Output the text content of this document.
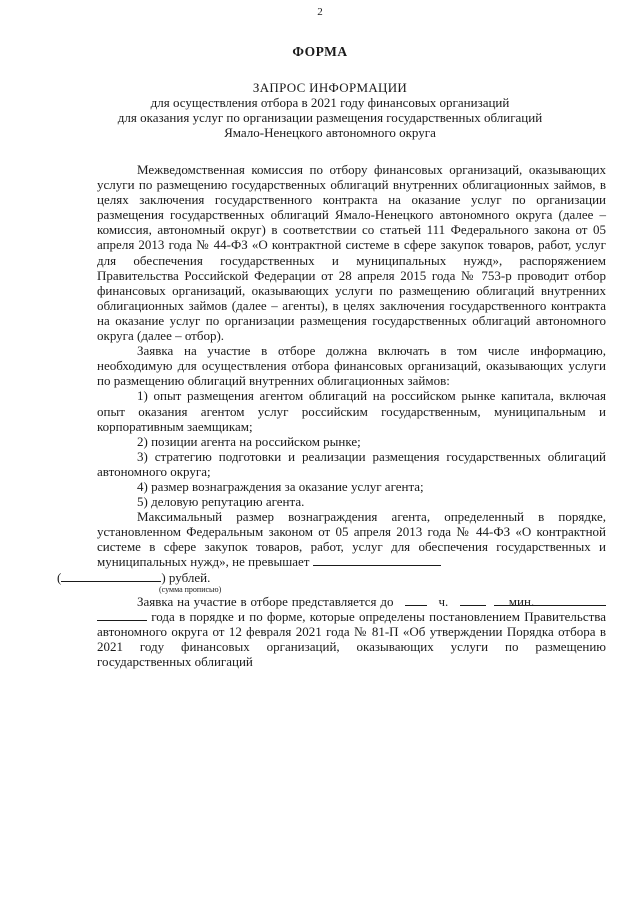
2
ФОРМА
ЗАПРОС ИНФОРМАЦИИ
для осуществления отбора в 2021 году финансовых организаций
для оказания услуг по организации размещения государственных облигаций
Ямало-Ненецкого автономного округа

Межведомственная комиссия по отбору финансовых организаций, оказывающих услуги по размещению государственных облигаций внутренних облигационных займов, в целях заключения государственного контракта на оказание услуг по организации размещения государственных облигаций Ямало-Ненецкого автономного округа (далее – комиссия, автономный округ) в соответствии со статьей 111 Федерального закона от 05 апреля 2013 года № 44-ФЗ «О контрактной системе в сфере закупок товаров, работ, услуг для обеспечения государственных и муниципальных нужд», распоряжением Правительства Российской Федерации от 28 апреля 2015 года № 753-р проводит отбор финансовых организаций, оказывающих услуги по размещению облигаций внутренних облигационных займов (далее – агенты), в целях заключения государственного контракта на оказание услуг по организации размещения государственных облигаций автономного округа (далее – отбор).

Заявка на участие в отборе должна включать в том числе информацию, необходимую для осуществления отбора финансовых организаций, оказывающих услуги по размещению облигаций внутренних облигационных займов:

1) опыт размещения агентом облигаций на российском рынке капитала, включая опыт оказания агентом услуг российским государственным, муниципальным и корпоративным заемщикам;

2) позиции агента на российском рынке;

3) стратегию подготовки и реализации размещения государственных облигаций автономного округа;

4) размер вознаграждения за оказание услуг агента;

5) деловую репутацию агента.

Максимальный размер вознаграждения агента, определенный в порядке, установленном Федеральным законом от 05 апреля 2013 года № 44-ФЗ «О контрактной системе в сфере закупок товаров, работ, услуг для обеспечения государственных и муниципальных нужд», не превышает
(	) рублей.

(сумма прописью)

Заявка на участие в отборе представляется до	ч.	мин.   года в порядке и по форме, которые определены постановлением Правительства автономного округа от 12 февраля 2021 года № 81-П «Об утверждении Порядка отбора в 2021 году финансовых организаций, оказывающих услуги по размещению государственных облигаций
